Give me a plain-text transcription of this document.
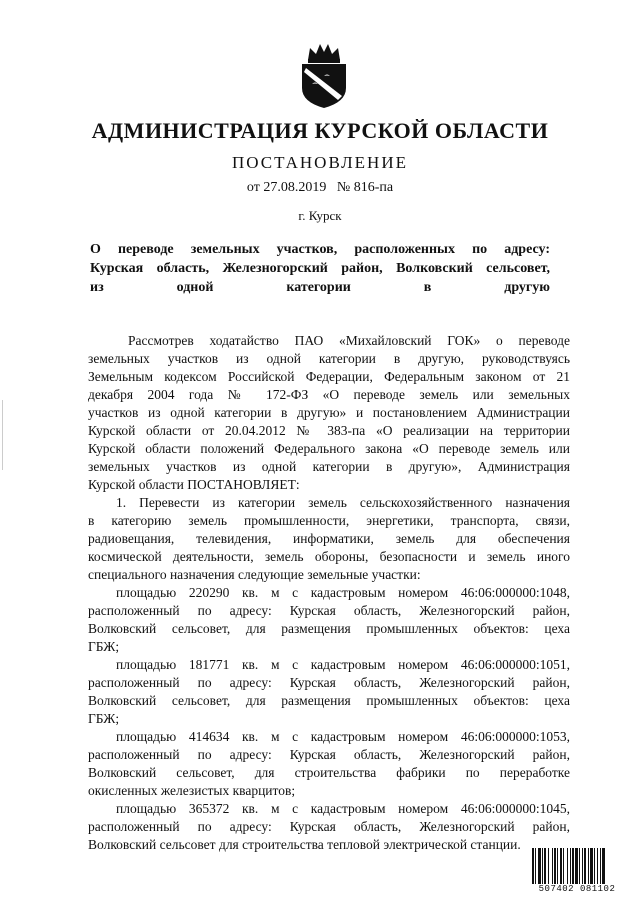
АДМИНИСТРАЦИЯ КУРСКОЙ ОБЛАСТИ
ПОСТАНОВЛЕНИЕ
от 27.08.2019   № 816-па
г. Курск
О переводе земельных участков, расположенных по адресу:
Курская область, Железногорский район, Волковский сельсовет,
из одной категории в другую
Рассмотрев ходатайство ПАО «Михайловский ГОК» о переводе
земельных участков из одной категории в другую, руководствуясь
Земельным кодексом Российской Федерации, Федеральным законом от 21
декабря 2004 года № 172-ФЗ «О переводе земель или земельных
участков из одной категории в другую» и постановлением Администрации
Курской области от 20.04.2012 № 383-па «О реализации на территории
Курской области положений Федерального закона «О переводе земель или
земельных участков из одной категории в другую», Администрация
Курской области ПОСТАНОВЛЯЕТ:
1. Перевести из категории земель сельскохозяйственного назначения
в категорию земель промышленности, энергетики, транспорта, связи,
радиовещания, телевидения, информатики, земель для обеспечения
космической деятельности, земель обороны, безопасности и земель иного
специального назначения следующие земельные участки:
площадью 220290 кв. м с кадастровым номером 46:06:000000:1048,
расположенный по адресу: Курская область, Железногорский район,
Волковский сельсовет, для размещения промышленных объектов: цеха
ГБЖ;
площадью 181771 кв. м с кадастровым номером 46:06:000000:1051,
расположенный по адресу: Курская область, Железногорский район,
Волковский сельсовет, для размещения промышленных объектов: цеха
ГБЖ;
площадью 414634 кв. м с кадастровым номером 46:06:000000:1053,
расположенный по адресу: Курская область, Железногорский район,
Волковский сельсовет, для строительства фабрики по переработке
окисленных железистых кварцитов;
площадью 365372 кв. м с кадастровым номером 46:06:000000:1045,
расположенный по адресу: Курская область, Железногорский район,
Волковский сельсовет для строительства тепловой электрической станции.
507402 081102
